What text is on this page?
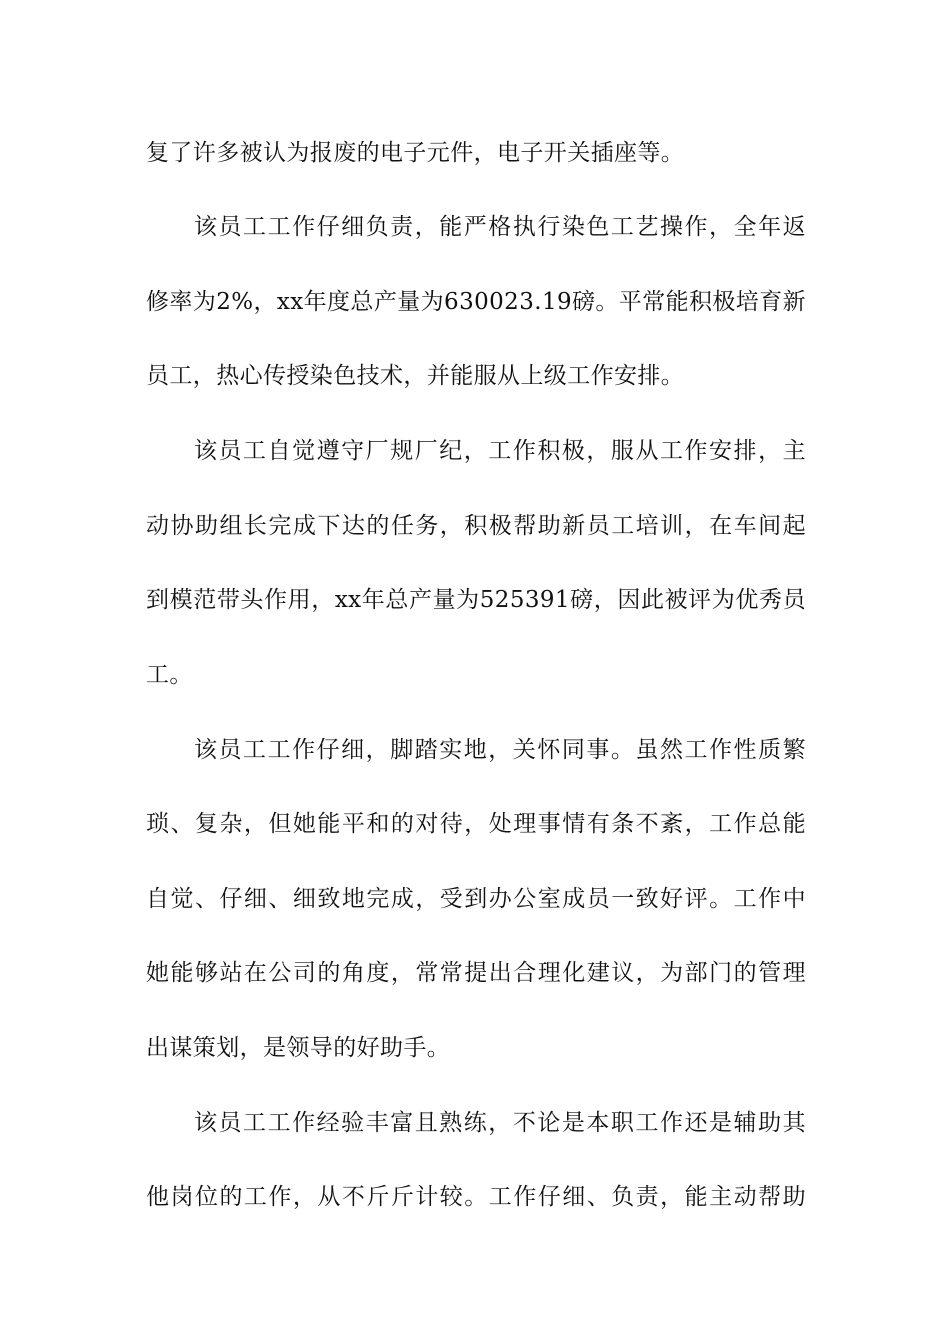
复了许多被认为报废的电子元件，电子开关插座等。
该员工工作仔细负责，能严格执行染色工艺操作，全年返
修率为2%，xx年度总产量为630023.19磅。平常能积极培育新
员工，热心传授染色技术，并能服从上级工作安排。
该员工自觉遵守厂规厂纪，工作积极，服从工作安排，主
动协助组长完成下达的任务，积极帮助新员工培训，在车间起
到模范带头作用，xx年总产量为525391磅，因此被评为优秀员
工。
该员工工作仔细，脚踏实地，关怀同事。虽然工作性质繁
琐、复杂，但她能平和的对待，处理事情有条不紊，工作总能
自觉、仔细、细致地完成，受到办公室成员一致好评。工作中
她能够站在公司的角度，常常提出合理化建议，为部门的管理
出谋策划，是领导的好助手。
该员工工作经验丰富且熟练，不论是本职工作还是辅助其
他岗位的工作，从不斤斤计较。工作仔细、负责，能主动帮助
